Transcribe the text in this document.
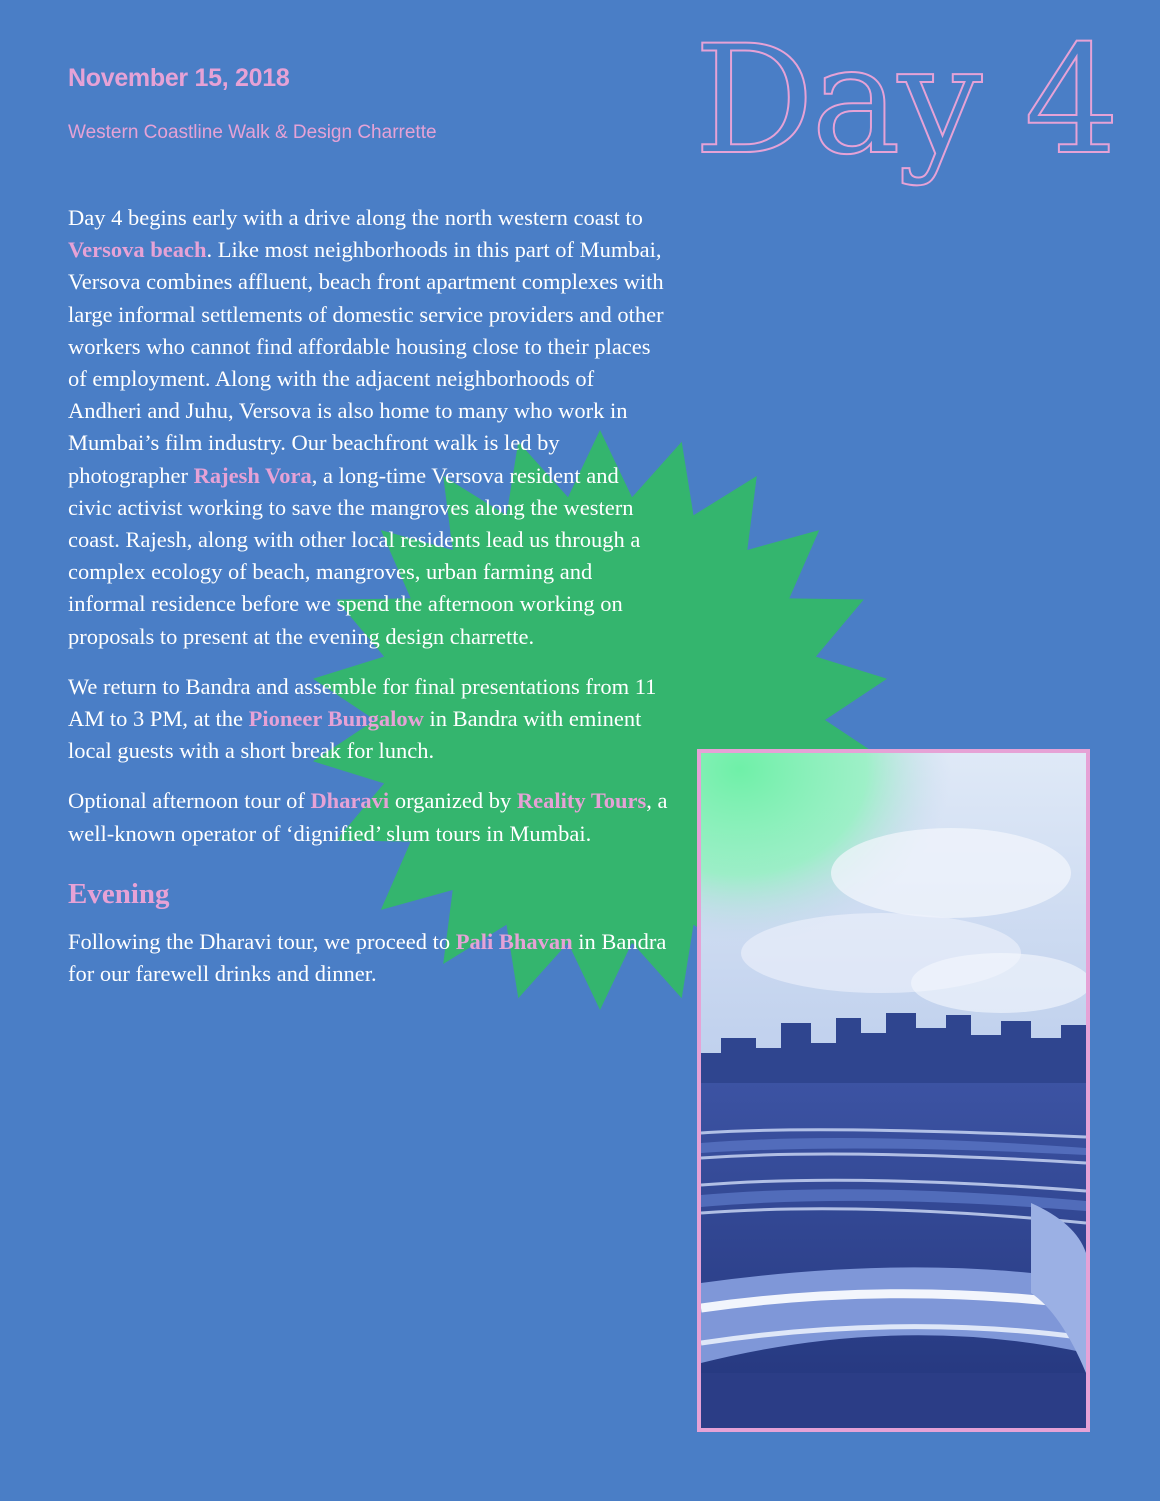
November 15, 2018
Western Coastline Walk & Design Charrette Day 4

Day 4 begins early with a drive along the north western coast to Versova beach. Like most neighborhoods in this part of Mumbai, Versova combines affluent, beach front apartment complexes with large informal settlements of domestic service providers and other workers who cannot find affordable housing close to their places of employment. Along with the adjacent neighborhoods of Andheri and Juhu, Versova is also home to many who work in Mumbai’s film industry. Our beachfront walk is led by photographer Rajesh Vora, a long-time Versova resident and civic activist working to save the mangroves along the western coast. Rajesh, along with other local residents lead us through a complex ecology of beach, mangroves, urban farming and informal residence before we spend the afternoon working on proposals to present at the evening design charrette.

We return to Bandra and assemble for final presentations from 11 AM to 3 PM, at the Pioneer Bungalow in Bandra with eminent local guests with a short break for lunch.

Optional afternoon tour of Dharavi organized by Reality Tours, a well-known operator of ‘dignified’ slum tours in Mumbai.

Evening

Following the Dharavi tour, we proceed to Pali Bhavan in Bandra for our farewell drinks and dinner.
